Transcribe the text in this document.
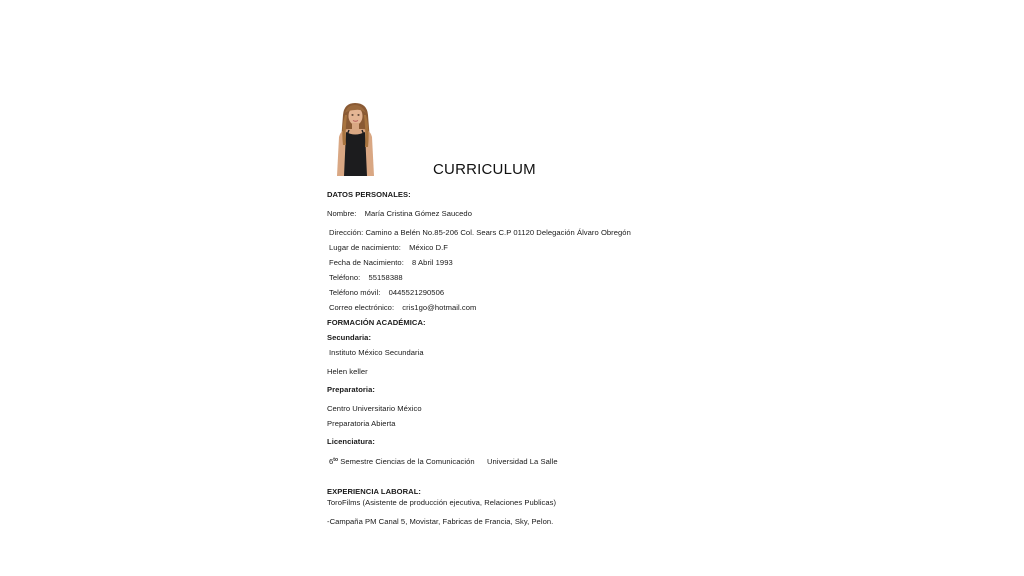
CURRICULUM
DATOS PERSONALES:
Nombre: María Cristina Gómez Saucedo
Dirección: Camino a Belén No.85-206 Col. Sears C.P 01120 Delegación Álvaro Obregón
Lugar de nacimiento: México D.F
Fecha de Nacimiento: 8 Abril 1993
Teléfono: 55158388
Teléfono móvil: 0445521290506
Correo electrónico: cris1go@hotmail.com
FORMACIÓN ACADÉMICA:
Secundaria:
Instituto México Secundaria
Helen keller
Preparatoria:
Centro Universitario México
Preparatoria Abierta
Licenciatura:
$6^{to}$ Semestre Ciencias de la Comunicación Universidad La Salle
EXPERIENCIA LABORAL:
ToroFilms (Asistente de producción ejecutiva, Relaciones Publicas)
-Campaña PM Canal 5, Movistar, Fabricas de Francia, Sky, Pelon.
